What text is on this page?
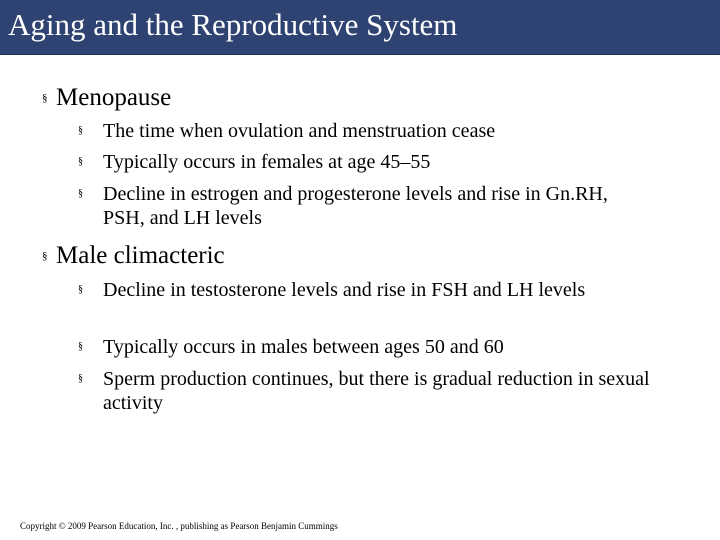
Aging and the Reproductive System
§ Menopause
§ The time when ovulation and menstruation cease
§ Typically occurs in females at age 45–55
§ Decline in estrogen and progesterone levels and rise in Gn.RH, PSH, and LH levels
§ Male climacteric
§ Decline in testosterone levels and rise in FSH and LH levels
§ Typically occurs in males between ages 50 and 60
§ Sperm production continues, but there is gradual reduction in sexual activity
Copyright © 2009 Pearson Education, Inc. , publishing as Pearson Benjamin Cummings
